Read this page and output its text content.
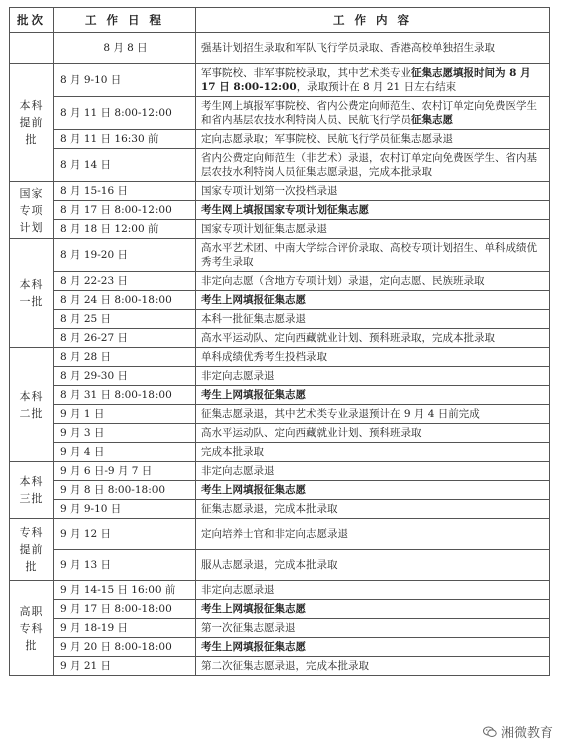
批次	工 作 日 程	工 作 内 容
	8 月 8 日	强基计划招生录取和军队飞行学员录取、香港高校单独招生录取
本科
提前
批	8 月 9-10 日	军事院校、非军事院校录取，其中艺术类专业征集志愿填报时间为 8 月 17 日 8:00-12:00，录取预计在 8 月 21 日左右结束
	8 月 11 日 8:00-12:00	考生网上填报军事院校、省内公费定向师范生、农村订单定向免费医学生和省内基层农技水利特岗人员、民航飞行学员征集志愿
	8 月 11 日 16:30 前	定向志愿录取；军事院校、民航飞行学员征集志愿录退
	8 月 14 日	省内公费定向师范生（非艺术）录退，农村订单定向免费医学生、省内基层农技水利特岗人员征集志愿录退，完成本批录取
国家
专项
计划	8 月 15-16 日	国家专项计划第一次投档录退
	8 月 17 日 8:00-12:00	考生网上填报国家专项计划征集志愿
	8 月 18 日 12:00 前	国家专项计划征集志愿录退
本科
一批	8 月 19-20 日	高水平艺术团、中南大学综合评价录取、高校专项计划招生、单科成绩优秀考生录取
	8 月 22-23 日	非定向志愿（含地方专项计划）录退，定向志愿、民族班录取
	8 月 24 日 8:00-18:00	考生上网填报征集志愿
	8 月 25 日	本科一批征集志愿录退
	8 月 26-27 日	高水平运动队、定向西藏就业计划、预科班录取，完成本批录取
本科
二批	8 月 28 日	单科成绩优秀考生投档录取
	8 月 29-30 日	非定向志愿录退
	8 月 31 日 8:00-18:00	考生上网填报征集志愿
	9 月 1 日	征集志愿录退，其中艺术类专业录退预计在 9 月 4 日前完成
	9 月 3 日	高水平运动队、定向西藏就业计划、预科班录取
	9 月 4 日	完成本批录取
本科
三批	9 月 6 日-9 月 7 日	非定向志愿录退
	9 月 8 日 8:00-18:00	考生上网填报征集志愿
	9 月 9-10 日	征集志愿录退，完成本批录取
专科
提前
批	9 月 12 日	定向培养士官和非定向志愿录退
	9 月 13 日	服从志愿录退，完成本批录取
高职
专科
批	9 月 14-15 日 16:00 前	非定向志愿录退
	9 月 17 日 8:00-18:00	考生上网填报征集志愿
	9 月 18-19 日	第一次征集志愿录退
	9 月 20 日 8:00-18:00	考生上网填报征集志愿
	9 月 21 日	第二次征集志愿录退，完成本批录取
湘微教育
